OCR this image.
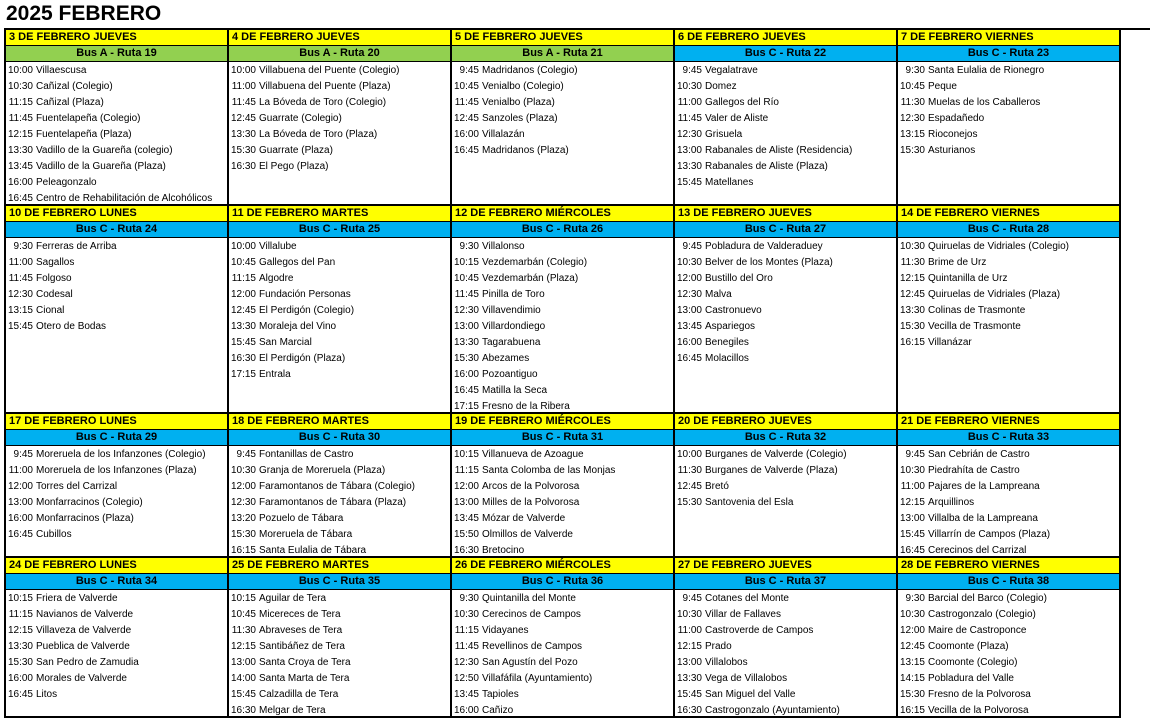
2025 FEBRERO
3 DE FEBRERO JUEVES
Bus A - Ruta 19
10:00 Villaescusa
10:30 Cañizal (Colegio)
11:15 Cañizal (Plaza)
11:45 Fuentelapeña (Colegio)
12:15 Fuentelapeña (Plaza)
13:30 Vadillo de la Guareña (colegio)
13:45 Vadillo de la Guareña (Plaza)
16:00 Peleagonzalo
16:45 Centro de Rehabilitación de Alcohólicos
4 DE FEBRERO JUEVES
Bus A - Ruta 20
10:00 Villabuena del Puente (Colegio)
11:00 Villabuena del Puente (Plaza)
11:45 La Bóveda de Toro (Colegio)
12:45 Guarrate (Colegio)
13:30 La Bóveda de Toro (Plaza)
15:30 Guarrate (Plaza)
16:30 El Pego (Plaza)
5 DE FEBRERO JUEVES
Bus A - Ruta 21
9:45 Madridanos (Colegio)
10:45 Venialbo (Colegio)
11:45 Venialbo (Plaza)
12:45 Sanzoles (Plaza)
16:00 Villalazán
16:45 Madridanos (Plaza)
6 DE FEBRERO JUEVES
Bus C - Ruta 22
9:45 Vegalatrave
10:30 Domez
11:00 Gallegos del Río
11:45 Valer de Aliste
12:30 Grisuela
13:00 Rabanales de Aliste (Residencia)
13:30 Rabanales de Aliste (Plaza)
15:45 Matellanes
7 DE FEBRERO VIERNES
Bus C - Ruta 23
9:30 Santa Eulalia de Rionegro
10:45 Peque
11:30 Muelas de los Caballeros
12:30 Espadañedo
13:15 Rioconejos
15:30 Asturianos
10 DE FEBRERO LUNES
Bus C - Ruta 24
9:30 Ferreras de Arriba
11:00 Sagallos
11:45 Folgoso
12:30 Codesal
13:15 Cional
15:45 Otero de Bodas
11 DE FEBRERO MARTES
Bus C - Ruta 25
10:00 Villalube
10:45 Gallegos del Pan
11:15 Algodre
12:00 Fundación Personas
12:45 El Perdigón (Colegio)
13:30 Moraleja del Vino
15:45 San Marcial
16:30 El Perdigón (Plaza)
17:15 Entrala
12 DE FEBRERO MIÉRCOLES
Bus C - Ruta 26
9:30 Villalonso
10:15 Vezdemarbán (Colegio)
10:45 Vezdemarbán (Plaza)
11:45 Pinilla de Toro
12:30 Villavendimio
13:00 Villardondiego
13:30 Tagarabuena
15:30 Abezames
16:00 Pozoantiguo
16:45 Matilla la Seca
17:15 Fresno de la Ribera
13 DE FEBRERO JUEVES
Bus C - Ruta 27
9:45 Pobladura de Valderaduey
10:30 Belver de los Montes (Plaza)
12:00 Bustillo del Oro
12:30 Malva
13:00 Castronuevo
13:45 Aspariegos
16:00 Benegiles
16:45 Molacillos
14 DE FEBRERO VIERNES
Bus C - Ruta 28
10:30 Quiruelas de Vidriales (Colegio)
11:30 Brime de Urz
12:15 Quintanilla de Urz
12:45 Quiruelas de Vidriales (Plaza)
13:30 Colinas de Trasmonte
15:30 Vecilla de Trasmonte
16:15 Villanázar
17 DE FEBRERO LUNES
Bus C - Ruta 29
9:45 Moreruela de los Infanzones (Colegio)
11:00 Moreruela de los Infanzones (Plaza)
12:00 Torres del Carrizal
13:00 Monfarracinos (Colegio)
16:00 Monfarracinos (Plaza)
16:45 Cubillos
18 DE FEBRERO MARTES
Bus C - Ruta 30
9:45 Fontanillas de Castro
10:30 Granja de Moreruela (Plaza)
12:00 Faramontanos de Tábara (Colegio)
12:30 Faramontanos de Tábara (Plaza)
13:20 Pozuelo de Tábara
15:30 Moreruela de Tábara
16:15 Santa Eulalia de Tábara
19 DE FEBRERO MIÉRCOLES
Bus C - Ruta 31
10:15 Villanueva de Azoague
11:15 Santa Colomba de las Monjas
12:00 Arcos de la Polvorosa
13:00 Milles de la Polvorosa
13:45 Mózar de Valverde
15:50 Olmillos de Valverde
16:30 Bretocino
20 DE FEBRERO JUEVES
Bus C - Ruta 32
10:00 Burganes de Valverde (Colegio)
11:30 Burganes de Valverde (Plaza)
12:45 Bretó
15:30 Santovenia del Esla
21 DE FEBRERO VIERNES
Bus C - Ruta 33
9:45 San Cebrián de Castro
10:30 Piedrahíta de Castro
11:00 Pajares de la Lampreana
12:15 Arquillinos
13:00 Villalba de la Lampreana
15:45 Villarrín de Campos (Plaza)
16:45 Cerecinos del Carrizal
24 DE FEBRERO LUNES
Bus C - Ruta 34
10:15 Friera de Valverde
11:15 Navianos de Valverde
12:15 Villaveza de Valverde
13:30 Pueblica de Valverde
15:30 San Pedro de Zamudia
16:00 Morales de Valverde
16:45 Litos
25 DE FEBRERO MARTES
Bus C - Ruta 35
10:15 Aguilar de Tera
10:45 Micereces de Tera
11:30 Abraveses de Tera
12:15 Santibáñez de Tera
13:00 Santa Croya de Tera
14:00 Santa Marta de Tera
15:45 Calzadilla de Tera
16:30 Melgar de Tera
26 DE FEBRERO MIÉRCOLES
Bus C - Ruta 36
9:30 Quintanilla del Monte
10:30 Cerecinos de Campos
11:15 Vidayanes
11:45 Revellinos de Campos
12:30 San Agustín del Pozo
12:50 Villafáfila (Ayuntamiento)
13:45 Tapioles
16:00 Cañizo
27 DE FEBRERO JUEVES
Bus C - Ruta 37
9:45 Cotanes del Monte
10:30 Villar de Fallaves
11:00 Castroverde de Campos
12:15 Prado
13:00 Villalobos
13:30 Vega de Villalobos
15:45 San Miguel del Valle
16:30 Castrogonzalo (Ayuntamiento)
28 DE FEBRERO VIERNES
Bus C - Ruta 38
9:30 Barcial del Barco (Colegio)
10:30 Castrogonzalo (Colegio)
12:00 Maire de Castroponce
12:45 Coomonte (Plaza)
13:15 Coomonte (Colegio)
14:15 Pobladura del Valle
15:30 Fresno de la Polvorosa
16:15 Vecilla de la Polvorosa
